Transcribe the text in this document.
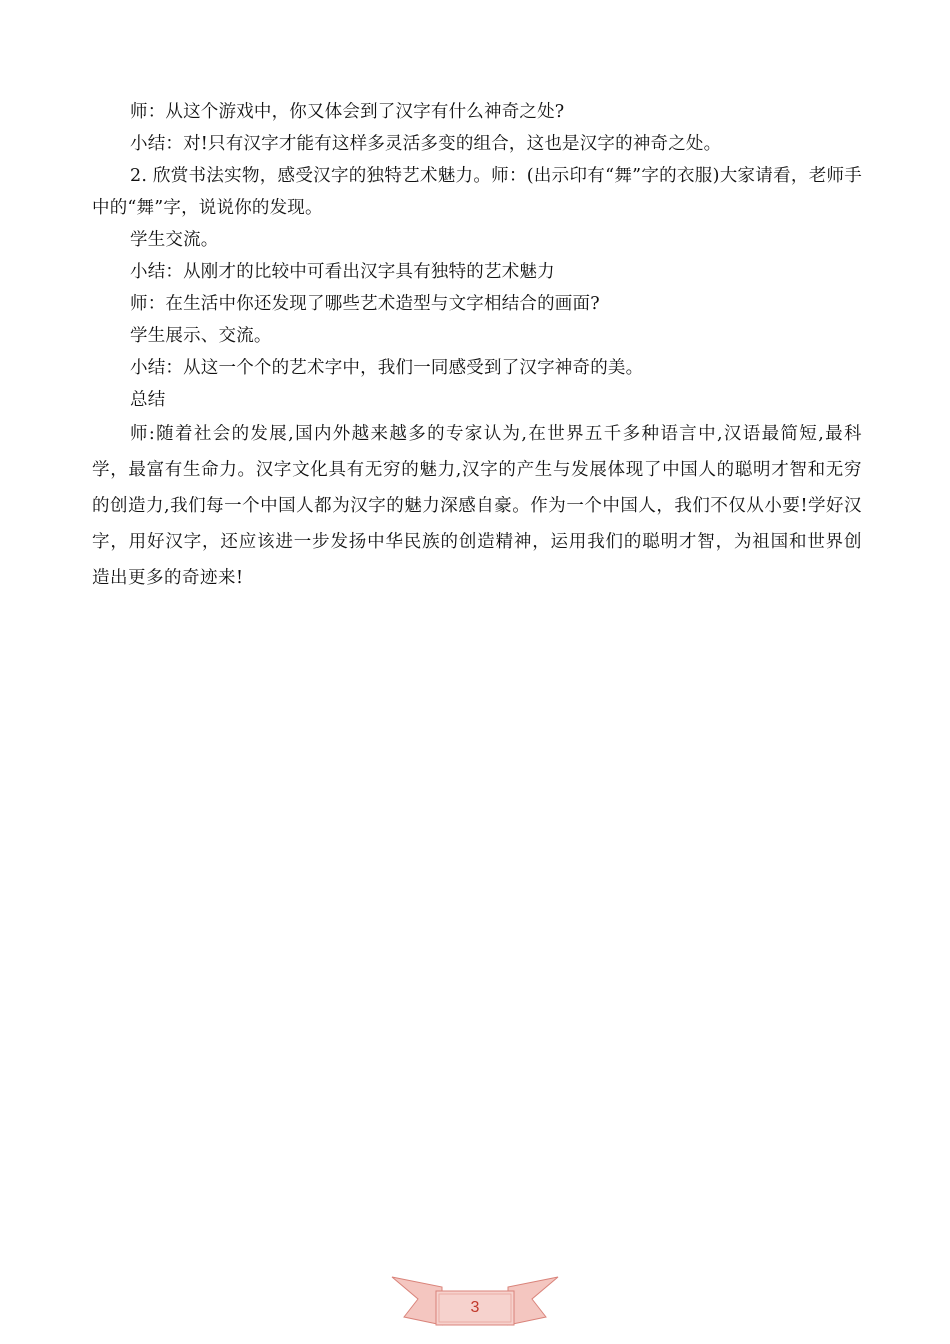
师：从这个游戏中，你又体会到了汉字有什么神奇之处?

小结：对!只有汉字才能有这样多灵活多变的组合，这也是汉字的神奇之处。

2. 欣赏书法实物，感受汉字的独特艺术魅力。师：(出示印有“舞”字的衣服)大家请看，老师手中的“舞”字，说说你的发现。

学生交流。

小结：从刚才的比较中可看出汉字具有独特的艺术魅力

师：在生活中你还发现了哪些艺术造型与文字相结合的画面?

学生展示、交流。

小结：从这一个个的艺术字中，我们一同感受到了汉字神奇的美。

总结

师:随着社会的发展,国内外越来越多的专家认为,在世界五千多种语言中,汉语最简短,最科学，最富有生命力。汉字文化具有无穷的魅力,汉字的产生与发展体现了中国人的聪明才智和无穷的创造力,我们每一个中国人都为汉字的魅力深感自豪。作为一个中国人，我们不仅从小要!学好汉字，用好汉字，还应该进一步发扬中华民族的创造精神，运用我们的聪明才智，为祖国和世界创造出更多的奇迹来!

3
